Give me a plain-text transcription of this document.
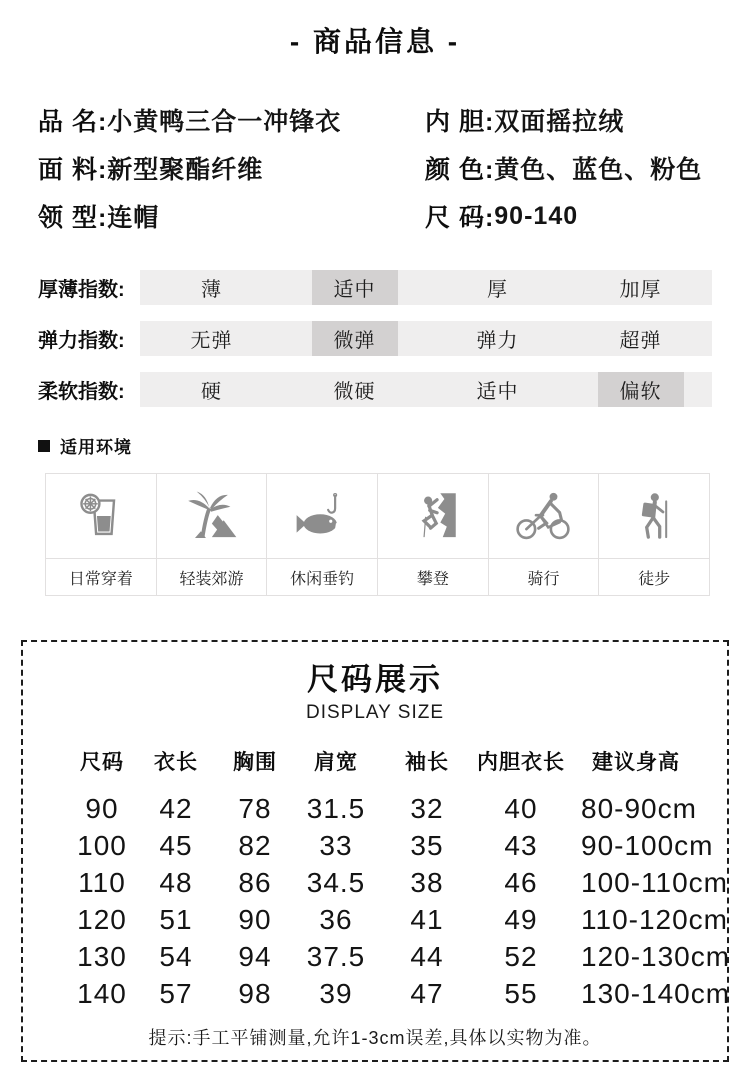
- 商品信息 -
品 名: 小黄鸭三合一冲锋衣
面 料: 新型聚酯纤维
领 型: 连帽
内 胆: 双面摇拉绒
颜 色: 黄色、蓝色、粉色
尺 码: 90-140
厚薄指数:	薄	适中	厚	加厚
弹力指数:	无弹	微弹	弹力	超弹
柔软指数:	硬	微硬	适中	偏软
适用环境
日常穿着	轻装郊游	休闲垂钓	攀登	骑行	徒步
尺码展示
DISPLAY SIZE
尺码	衣长	胸围	肩宽	袖长	内胆衣长	建议身高
90	42	78	31.5	32	40	80-90cm
100	45	82	33	35	43	90-100cm
110	48	86	34.5	38	46	100-110cm
120	51	90	36	41	49	110-120cm
130	54	94	37.5	44	52	120-130cm
140	57	98	39	47	55	130-140cm
提示:手工平铺测量,允许1-3cm误差,具体以实物为准。
